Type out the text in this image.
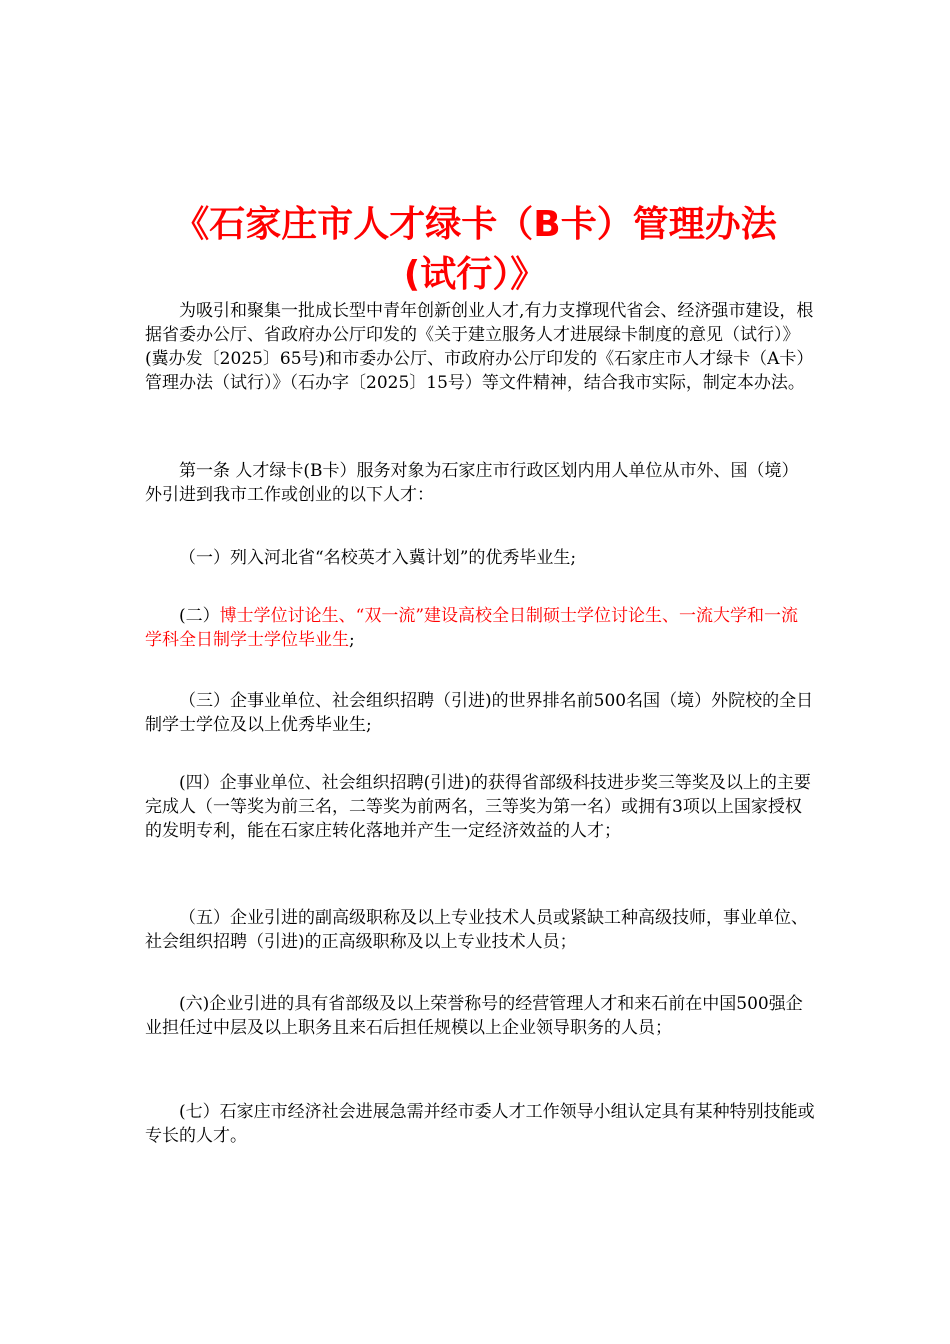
《石家庄市人才绿卡（B卡）管理办法
(试行）》

为吸引和聚集一批成长型中青年创新创业人才,有力支撑现代省会、经济强市建设，根据省委办公厅、省政府办公厅印发的《关于建立服务人才进展绿卡制度的意见（试行）》(冀办发〔2025〕65号)和市委办公厅、市政府办公厅印发的《石家庄市人才绿卡（A卡）管理办法（试行）》（石办字〔2025〕15号）等文件精神，结合我市实际，制定本办法。

第一条 人才绿卡(B卡）服务对象为石家庄市行政区划内用人单位从市外、国（境）外引进到我市工作或创业的以下人才：

（一）列入河北省“名校英才入冀计划”的优秀毕业生;

(二）博士学位讨论生、“双一流”建设高校全日制硕士学位讨论生、一流大学和一流学科全日制学士学位毕业生;

（三）企事业单位、社会组织招聘（引进)的世界排名前500名国（境）外院校的全日制学士学位及以上优秀毕业生;

(四）企事业单位、社会组织招聘(引进)的获得省部级科技进步奖三等奖及以上的主要完成人（一等奖为前三名，二等奖为前两名，三等奖为第一名）或拥有3项以上国家授权的发明专利，能在石家庄转化落地并产生一定经济效益的人才；

（五）企业引进的副高级职称及以上专业技术人员或紧缺工种高级技师，事业单位、社会组织招聘（引进)的正高级职称及以上专业技术人员；

(六)企业引进的具有省部级及以上荣誉称号的经营管理人才和来石前在中国500强企业担任过中层及以上职务且来石后担任规模以上企业领导职务的人员；

(七）石家庄市经济社会进展急需并经市委人才工作领导小组认定具有某种特别技能或专长的人才。
